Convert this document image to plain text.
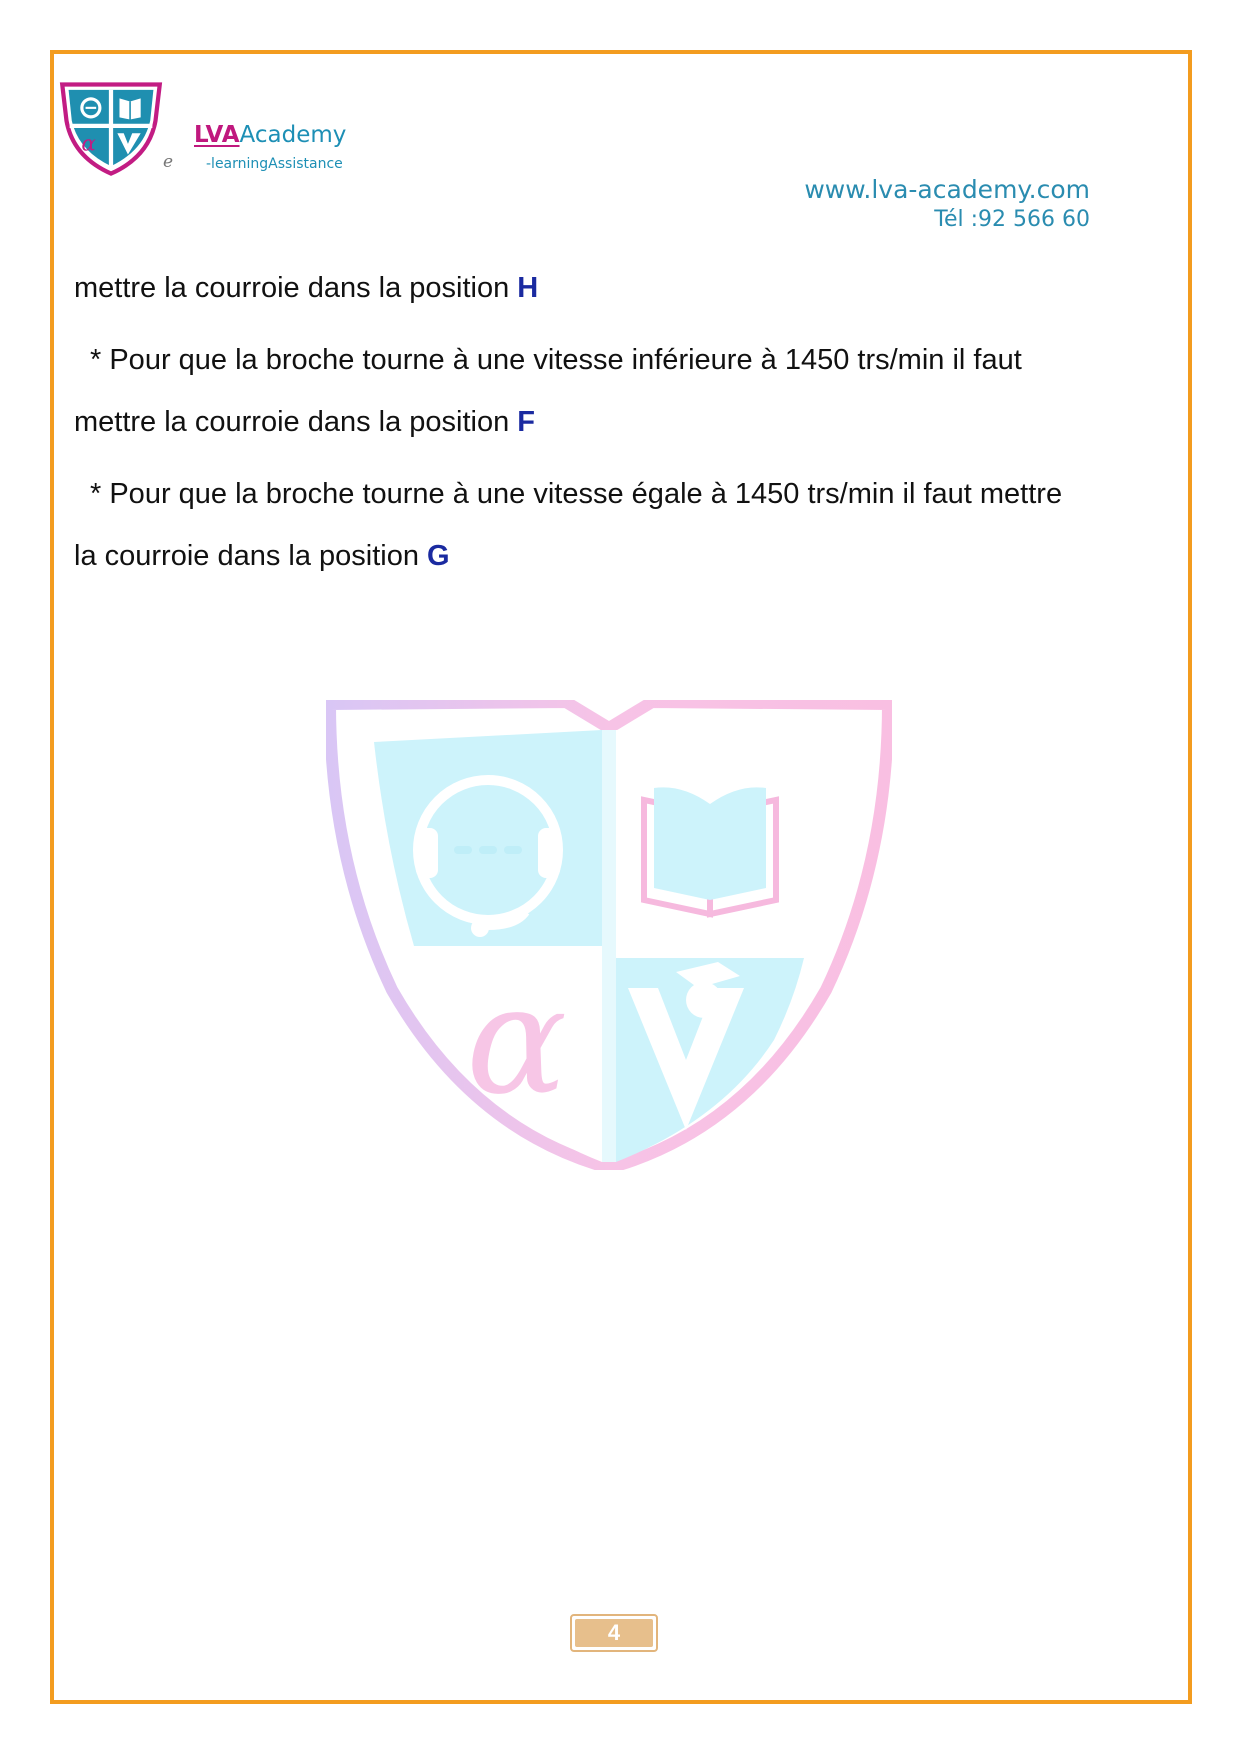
α	LVAAcademy
e -learningAssistance
www.lva-academy.com
Tél :92 566 60
α
mettre la courroie dans la position H
* Pour que la broche tourne à une vitesse inférieure à 1450 trs/min il faut
mettre la courroie dans la position F
* Pour que la broche tourne à une vitesse égale à 1450 trs/min il faut mettre
la courroie dans la position G
4
